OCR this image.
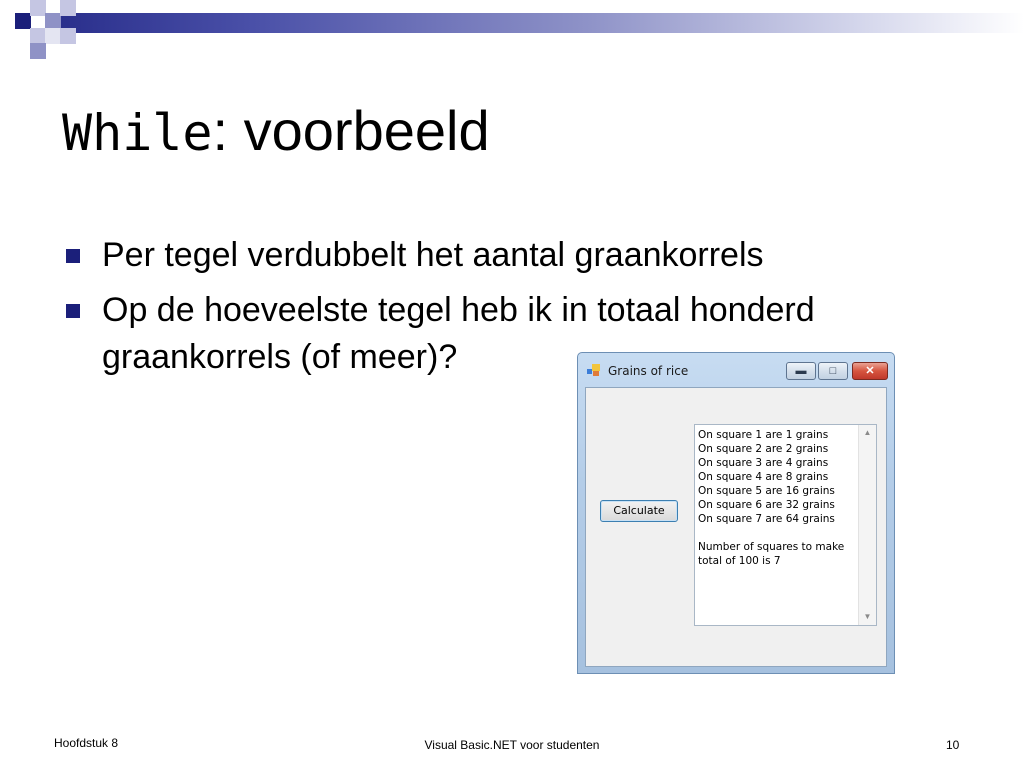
While: voorbeeld
Per tegel verdubbelt het aantal graankorrels
Op de hoeveelste tegel heb ik in totaal honderd graankorrels (of meer)?	Grains of rice	▬	□	✕
Calculate
On square 1 are 1 grains
On square 2 are 2 grains
On square 3 are 4 grains
On square 4 are 8 grains
On square 5 are 16 grains
On square 6 are 32 grains
On square 7 are 64 grains
Number of squares to make
total of 100 is 7
▲
▼
Hoofdstuk 8	Visual Basic.NET voor studenten	10
